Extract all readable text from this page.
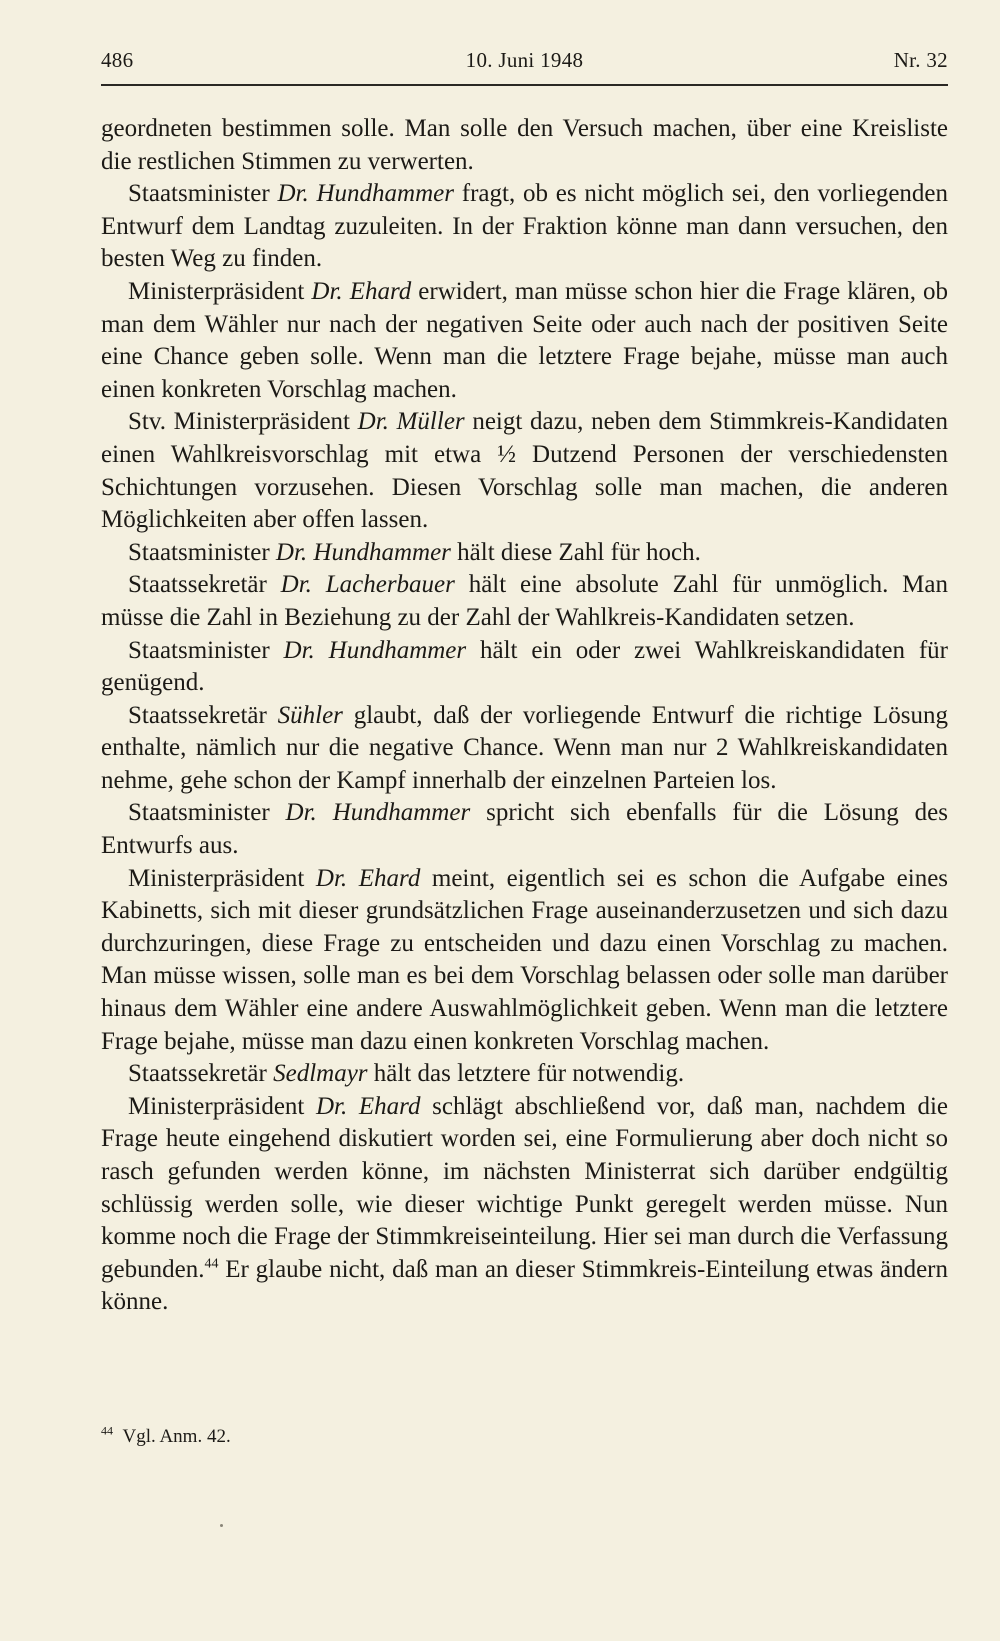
486	10. Juni 1948	Nr. 32

geordneten bestimmen solle. Man solle den Versuch machen, über eine Kreisliste die restlichen Stimmen zu verwerten.

Staatsminister Dr. Hundhammer fragt, ob es nicht möglich sei, den vorliegenden Entwurf dem Landtag zuzuleiten. In der Fraktion könne man dann versuchen, den besten Weg zu finden.

Ministerpräsident Dr. Ehard erwidert, man müsse schon hier die Frage klären, ob man dem Wähler nur nach der negativen Seite oder auch nach der positiven Seite eine Chance geben solle. Wenn man die letztere Frage bejahe, müsse man auch einen konkreten Vorschlag machen.

Stv. Ministerpräsident Dr. Müller neigt dazu, neben dem Stimmkreis-Kandidaten einen Wahlkreisvorschlag mit etwa ½ Dutzend Personen der verschiedensten Schichtungen vorzusehen. Diesen Vorschlag solle man machen, die anderen Möglichkeiten aber offen lassen.

Staatsminister Dr. Hundhammer hält diese Zahl für hoch.

Staatssekretär Dr. Lacherbauer hält eine absolute Zahl für unmöglich. Man müsse die Zahl in Beziehung zu der Zahl der Wahlkreis-Kandidaten setzen.

Staatsminister Dr. Hundhammer hält ein oder zwei Wahlkreiskandidaten für genügend.

Staatssekretär Sühler glaubt, daß der vorliegende Entwurf die richtige Lösung enthalte, nämlich nur die negative Chance. Wenn man nur 2 Wahlkreiskandidaten nehme, gehe schon der Kampf innerhalb der einzelnen Parteien los.

Staatsminister Dr. Hundhammer spricht sich ebenfalls für die Lösung des Entwurfs aus.

Ministerpräsident Dr. Ehard meint, eigentlich sei es schon die Aufgabe eines Kabinetts, sich mit dieser grundsätzlichen Frage auseinanderzusetzen und sich dazu durchzuringen, diese Frage zu entscheiden und dazu einen Vorschlag zu machen. Man müsse wissen, solle man es bei dem Vorschlag belassen oder solle man darüber hinaus dem Wähler eine andere Auswahlmöglichkeit geben. Wenn man die letztere Frage bejahe, müsse man dazu einen konkreten Vorschlag machen.

Staatssekretär Sedlmayr hält das letztere für notwendig.

Ministerpräsident Dr. Ehard schlägt abschließend vor, daß man, nachdem die Frage heute eingehend diskutiert worden sei, eine Formulierung aber doch nicht so rasch gefunden werden könne, im nächsten Ministerrat sich darüber endgültig schlüssig werden solle, wie dieser wichtige Punkt geregelt werden müsse. Nun komme noch die Frage der Stimmkreiseinteilung. Hier sei man durch die Verfassung gebunden.$^{44}$ Er glaube nicht, daß man an dieser Stimmkreis-Einteilung etwas ändern könne.

$^{44}$ Vgl. Anm. 42.
